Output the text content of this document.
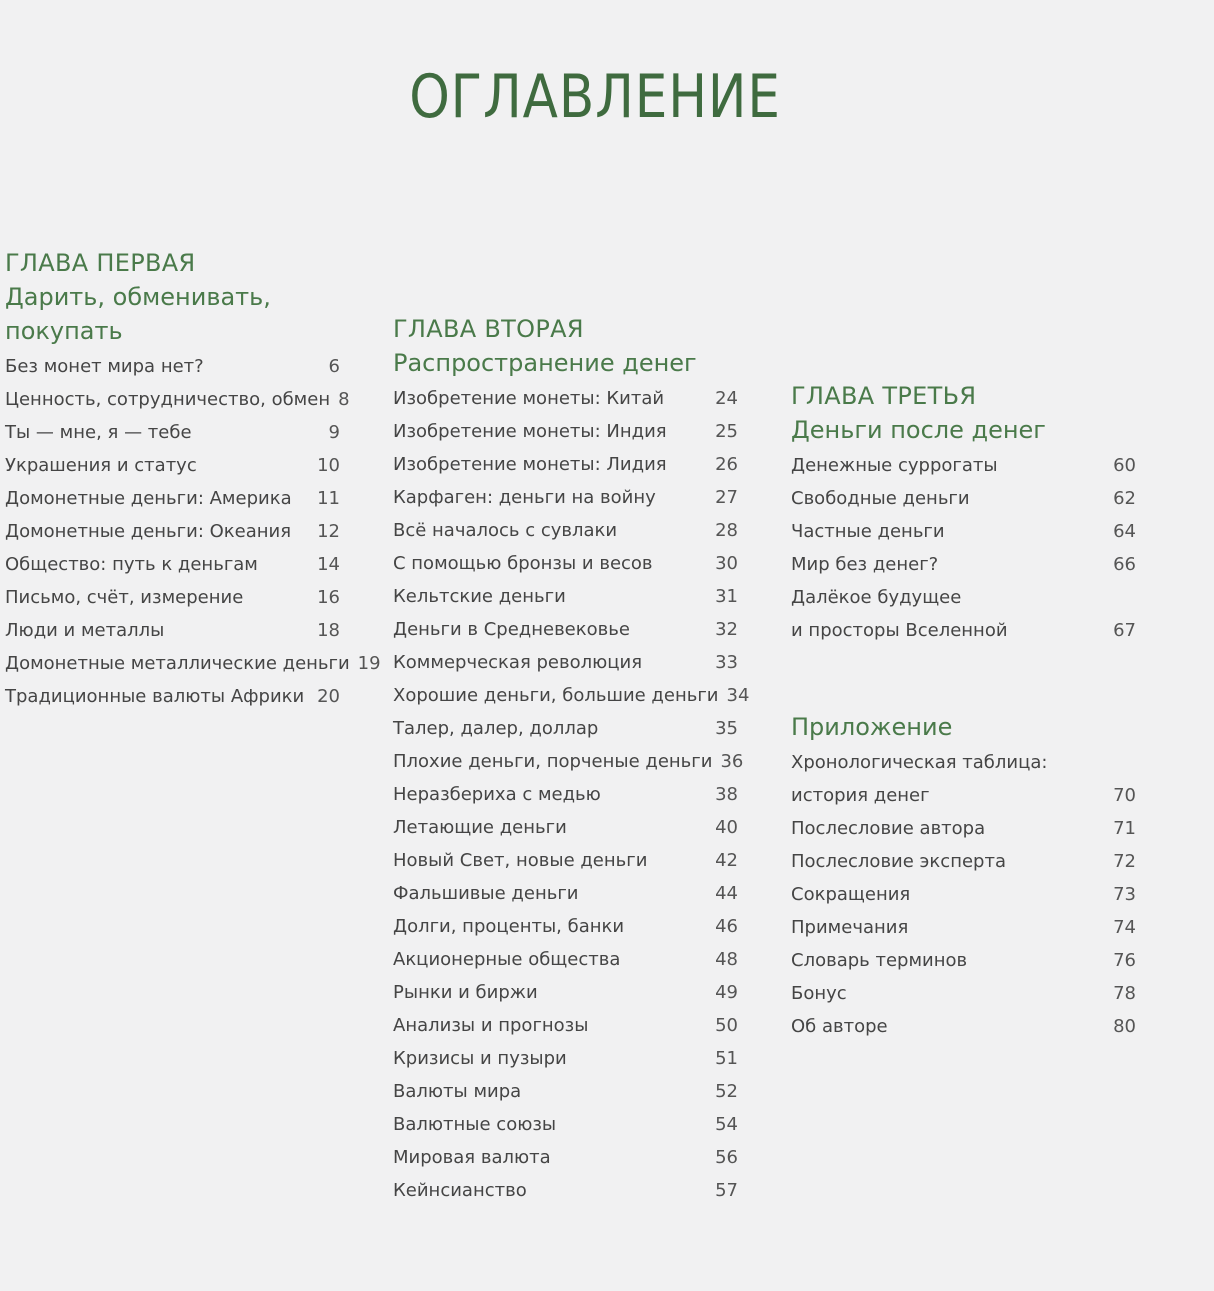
ОГЛАВЛЕНИЕ
ГЛАВА ПЕРВАЯ
Дарить, обменивать,
покупать
Без монет мира нет?	6
Ценность, сотрудничество, обмен 8
Ты — мне, я — тебе	9
Украшения и статус	10
Домонетные деньги: Америка	11
Домонетные деньги: Океания	12
Общество: путь к деньгам	14
Письмо, счёт, измерение	16
Люди и металлы	18
Домонетные металлические деньги 19
Традиционные валюты Африки 20
ГЛАВА ВТОРАЯ
Распространение денег
Изобретение монеты: Китай	24
Изобретение монеты: Индия	25
Изобретение монеты: Лидия	26
Карфаген: деньги на войну	27
Всё началось с сувлаки	28
С помощью бронзы и весов	30
Кельтские деньги	31
Деньги в Средневековье	32
Коммерческая революция	33
Хорошие деньги, большие деньги 34
Талер, далер, доллар	35
Плохие деньги, порченые деньги 36
Неразбериха с медью	38
Летающие деньги	40
Новый Свет, новые деньги	42
Фальшивые деньги	44
Долги, проценты, банки	46
Акционерные общества	48
Рынки и биржи	49
Анализы и прогнозы	50
Кризисы и пузыри	51
Валюты мира	52
Валютные союзы	54
Мировая валюта	56
Кейнсианство	57
ГЛАВА ТРЕТЬЯ
Деньги после денег
Денежные суррогаты	60
Свободные деньги	62
Частные деньги	64
Мир без денег?	66
Далёкое будущее
и просторы Вселенной	67
Приложение
Хронологическая таблица:
история денег	70
Послесловие автора	71
Послесловие эксперта	72
Сокращения	73
Примечания	74
Словарь терминов	76
Бонус	78
Об авторе	80
